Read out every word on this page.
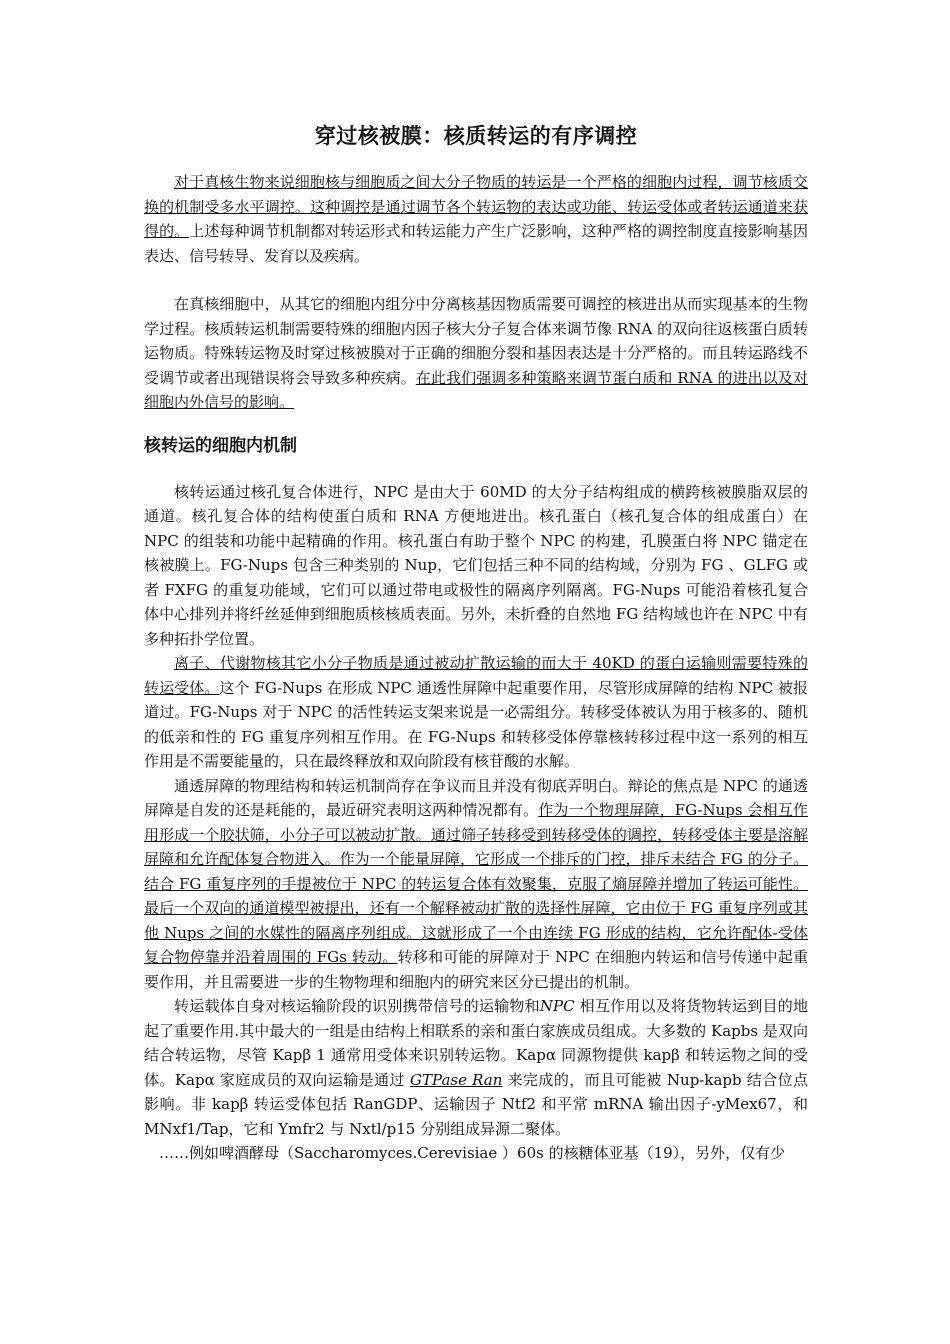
穿过核被膜：核质转运的有序调控

对于真核生物来说细胞核与细胞质之间大分子物质的转运是一个严格的细胞内过程，调节核质交换的机制受多水平调控。这种调控是通过调节各个转运物的表达或功能、转运受体或者转运通道来获得的。上述每种调节机制都对转运形式和转运能力产生广泛影响，这种严格的调控制度直接影响基因表达、信号转导、发育以及疾病。

在真核细胞中，从其它的细胞内组分中分离核基因物质需要可调控的核进出从而实现基本的生物学过程。核质转运机制需要特殊的细胞内因子核大分子复合体来调节像 RNA 的双向往返核蛋白质转运物质。特殊转运物及时穿过核被膜对于正确的细胞分裂和基因表达是十分严格的。而且转运路线不受调节或者出现错误将会导致多种疾病。在此我们强调多种策略来调节蛋白质和 RNA 的进出以及对细胞内外信号的影响。

核转运的细胞内机制

核转运通过核孔复合体进行，NPC 是由大于 60MD 的大分子结构组成的横跨核被膜脂双层的通道。核孔复合体的结构使蛋白质和 RNA 方便地进出。核孔蛋白（核孔复合体的组成蛋白）在 NPC 的组装和功能中起精确的作用。核孔蛋白有助于整个 NPC 的构建，孔膜蛋白将 NPC 锚定在核被膜上。FG-Nups 包含三种类别的 Nup，它们包括三种不同的结构域，分别为 FG 、GLFG 或者 FXFG 的重复功能域，它们可以通过带电或极性的隔离序列隔离。FG-Nups 可能沿着核孔复合体中心排列并将纤丝延伸到细胞质核核质表面。另外，未折叠的自然地 FG 结构域也许在 NPC 中有多种拓扑学位置。

离子、代谢物核其它小分子物质是通过被动扩散运输的而大于 40KD 的蛋白运输则需要特殊的转运受体。这个 FG-Nups 在形成 NPC 通透性屏障中起重要作用，尽管形成屏障的结构 NPC 被报道过。FG-Nups 对于 NPC 的活性转运支架来说是一必需组分。转移受体被认为用于核多的、随机的低亲和性的 FG 重复序列相互作用。在 FG-Nups 和转移受体停靠核转移过程中这一系列的相互作用是不需要能量的，只在最终释放和双向阶段有核苷酸的水解。

通透屏障的物理结构和转运机制尚存在争议而且并没有彻底弄明白。辩论的焦点是 NPC 的通透屏障是自发的还是耗能的，最近研究表明这两种情况都有。作为一个物理屏障，FG-Nups 会相互作用形成一个胶状筛，小分子可以被动扩散。通过筛子转移受到转移受体的调控，转移受体主要是溶解屏障和允许配体复合物进入。作为一个能量屏障，它形成一个排斥的门控，排斥未结合 FG 的分子。结合 FG 重复序列的手提被位于 NPC 的转运复合体有效聚集，克服了熵屏障并增加了转运可能性。最后一个双向的通道模型被提出，还有一个解释被动扩散的选择性屏障，它由位于 FG 重复序列或其他 Nups 之间的水媒性的隔离序列组成。这就形成了一个由连续 FG 形成的结构，它允许配体-受体复合物停靠并沿着周围的 FGs 转动。转移和可能的屏障对于 NPC 在细胞内转运和信号传递中起重要作用，并且需要进一步的生物物理和细胞内的研究来区分已提出的机制。

转运载体自身对核运输阶段的识别携带信号的运输物和NPC 相互作用以及将货物转运到目的地起了重要作用.其中最大的一组是由结构上相联系的亲和蛋白家族成员组成。大多数的 Kapbs 是双向结合转运物，尽管 Kapβ 1 通常用受体来识别转运物。Kapα 同源物提供 kapβ 和转运物之间的受体。Kapα 家庭成员的双向运输是通过 GTPase Ran 来完成的，而且可能被 Nup-kapb 结合位点影响。非 kapβ 转运受体包括 RanGDP、运输因子 Ntf2 和平常 mRNA 输出因子-yMex67，和 MNxf1/Tap，它和 Ymfr2 与 Nxtl/p15 分别组成异源二聚体。

……例如啤酒酵母（Saccharomyces.Cerevisiae ）60s 的核糖体亚基（19），另外，仅有少
